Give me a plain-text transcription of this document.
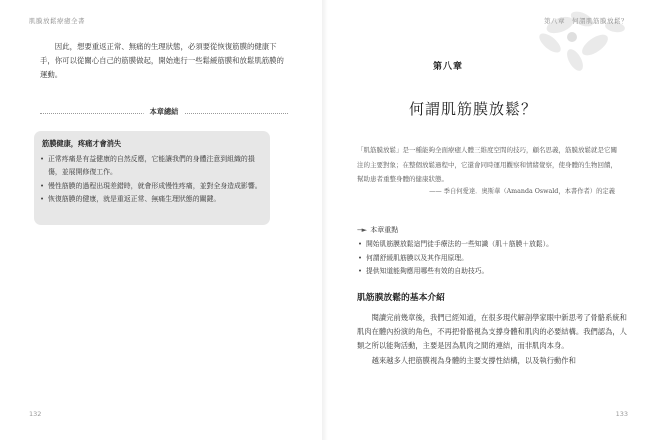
肌膜放鬆療癒全書

因此，想要重返正常、無痛的生理狀態，必須要從恢復筋膜的健康下手，你可以從關心自己的筋膜做起，開始進行一些鬆緩筋膜和放鬆肌筋膜的運動。

本章總結
筋膜健康，疼痛才會消失
• 正常疼痛是有益健康的自然反應，它能讓我們的身體注意到組織的損傷，並展開修復工作。
• 慢性筋膜的過程出現差錯時，就會形成慢性疼痛，並對全身造成影響。
• 恢復筋膜的健康，就是重返正常、無痛生理狀態的關鍵。
132
第八章　何謂肌筋膜放鬆？
第八章
何謂肌筋膜放鬆？
「肌筋膜放鬆」是一種能夠全面療癒人體三維度空間的技巧，顧名思義，筋膜放鬆就是它關注的主要對象；在整個放鬆過程中，它還會同時運用觀察和情緒覺察，使身體的生物回饋，幫助患者重整身體的健康狀態。
—— 季自何愛達．奧斯華（Amanda Oswald，本書作者）的定義
---► 本章重點
• 開始肌筋膜放鬆這門徒手療法的一些知識（肌＋筋膜＋放鬆）。
• 何謂舒緩肌筋膜以及其作用原理。
• 提供知道能夠應用哪些有效的自助技巧。
肌筋膜放鬆的基本介紹

閱讀完前幾章後，我們已經知道，在很多現代解剖學家眼中新思考了骨骼系統和肌肉在體內扮演的角色，不再把骨骼視為支撐身體和肌肉的必要結構。我們認為，人類之所以能夠活動，主要是因為肌肉之間的連結，而非肌肉本身。

越來越多人把筋膜視為身體的主要支撐性結構，以及執行動作和

133
